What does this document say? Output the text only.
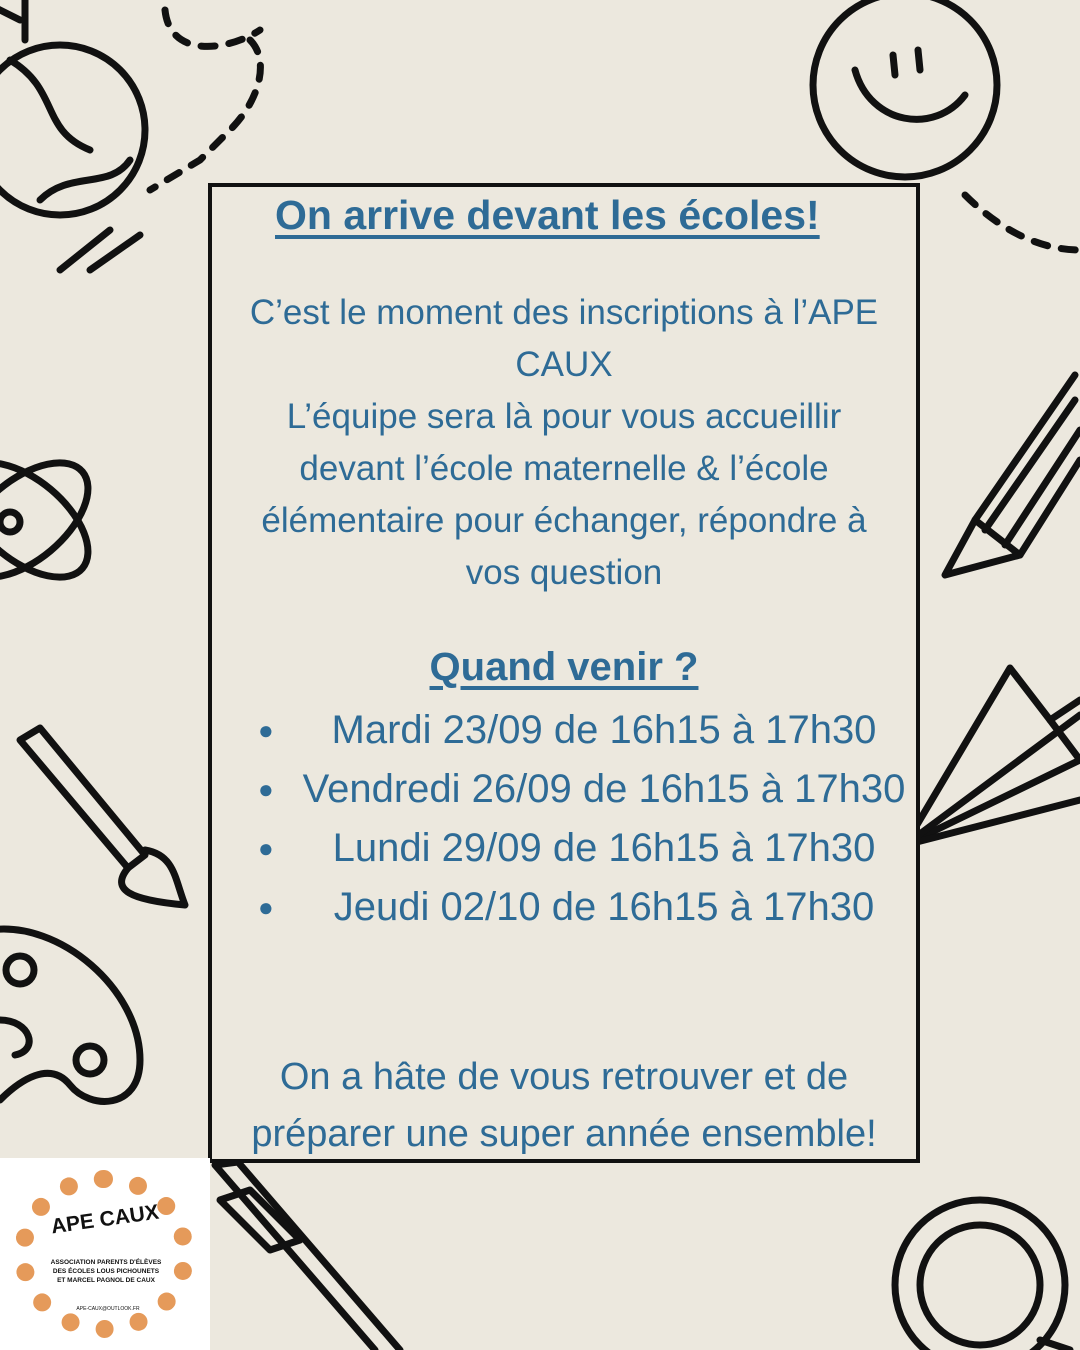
C’est le moment des inscriptions à l’APE
CAUX
L’équipe sera là pour vous accueillir
devant l’école maternelle & l’école
élémentaire pour échanger, répondre à
vos question
Quand venir ?
● Mardi 23/09 de 16h15 à 17h30
● Vendredi 26/09 de 16h15 à 17h30
● Lundi 29/09 de 16h15 à 17h30
● Jeudi 02/10 de 16h15 à 17h30
On a hâte de vous retrouver et de
préparer une super année ensemble!
On arrive devant les écoles!
APE CAUX
ASSOCIATION PARENTS D'ÉLÈVES DES ÉCOLES LOUS PICHOUNETS ET MARCEL PAGNOL DE CAUX
APE-CAUX@OUTLOOK.FR
